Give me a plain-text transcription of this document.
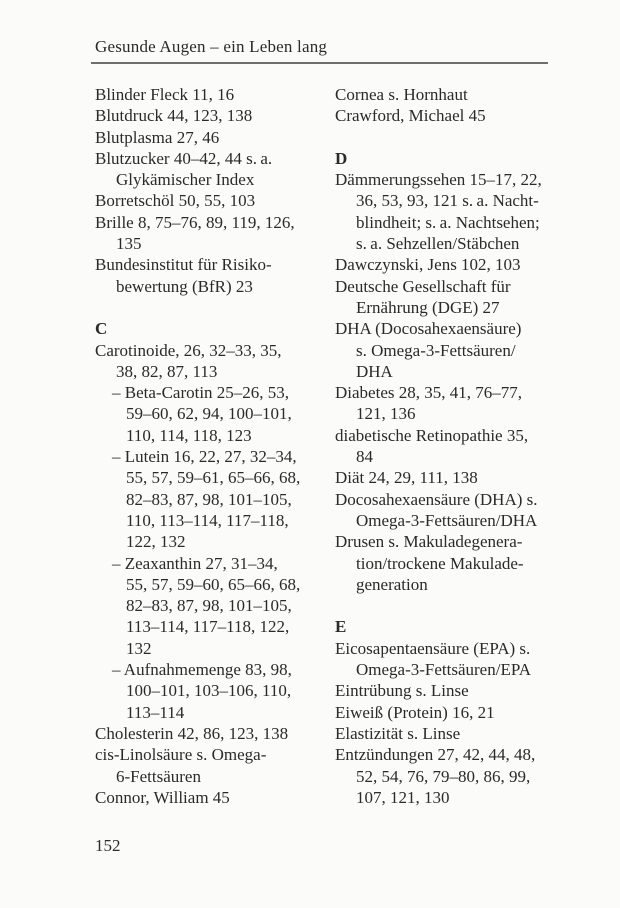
Gesunde Augen – ein Leben lang
Blinder Fleck 11, 16
Blutdruck 44, 123, 138
Blutplasma 27, 46
Blutzucker 40–42, 44 s. a.
Glykämischer Index
Borretschöl 50, 55, 103
Brille 8, 75–76, 89, 119, 126,
135
Bundesinstitut für Risiko-
bewertung (BfR) 23
C
Carotinoide, 26, 32–33, 35,
38, 82, 87, 113
– Beta-Carotin 25–26, 53,
59–60, 62, 94, 100–101,
110, 114, 118, 123
– Lutein 16, 22, 27, 32–34,
55, 57, 59–61, 65–66, 68,
82–83, 87, 98, 101–105,
110, 113–114, 117–118,
122, 132
– Zeaxanthin 27, 31–34,
55, 57, 59–60, 65–66, 68,
82–83, 87, 98, 101–105,
113–114, 117–118, 122,
132
– Aufnahmemenge 83, 98,
100–101, 103–106, 110,
113–114
Cholesterin 42, 86, 123, 138
cis-Linolsäure s. Omega-
6-Fettsäuren
Connor, William 45
Cornea s. Hornhaut
Crawford, Michael 45
D
Dämmerungssehen 15–17, 22,
36, 53, 93, 121 s. a. Nacht-
blindheit; s. a. Nachtsehen;
s. a. Sehzellen/Stäbchen
Dawczynski, Jens 102, 103
Deutsche Gesellschaft für
Ernährung (DGE) 27
DHA (Docosahexaensäure)
s. Omega-3-Fettsäuren/
DHA
Diabetes 28, 35, 41, 76–77,
121, 136
diabetische Retinopathie 35,
84
Diät 24, 29, 111, 138
Docosahexaensäure (DHA) s.
Omega-3-Fettsäuren/DHA
Drusen s. Makuladegenera-
tion/trockene Makulade-
generation
E
Eicosapentaensäure (EPA) s.
Omega-3-Fettsäuren/EPA
Eintrübung s. Linse
Eiweiß (Protein) 16, 21
Elastizität s. Linse
Entzündungen 27, 42, 44, 48,
52, 54, 76, 79–80, 86, 99,
107, 121, 130
152
